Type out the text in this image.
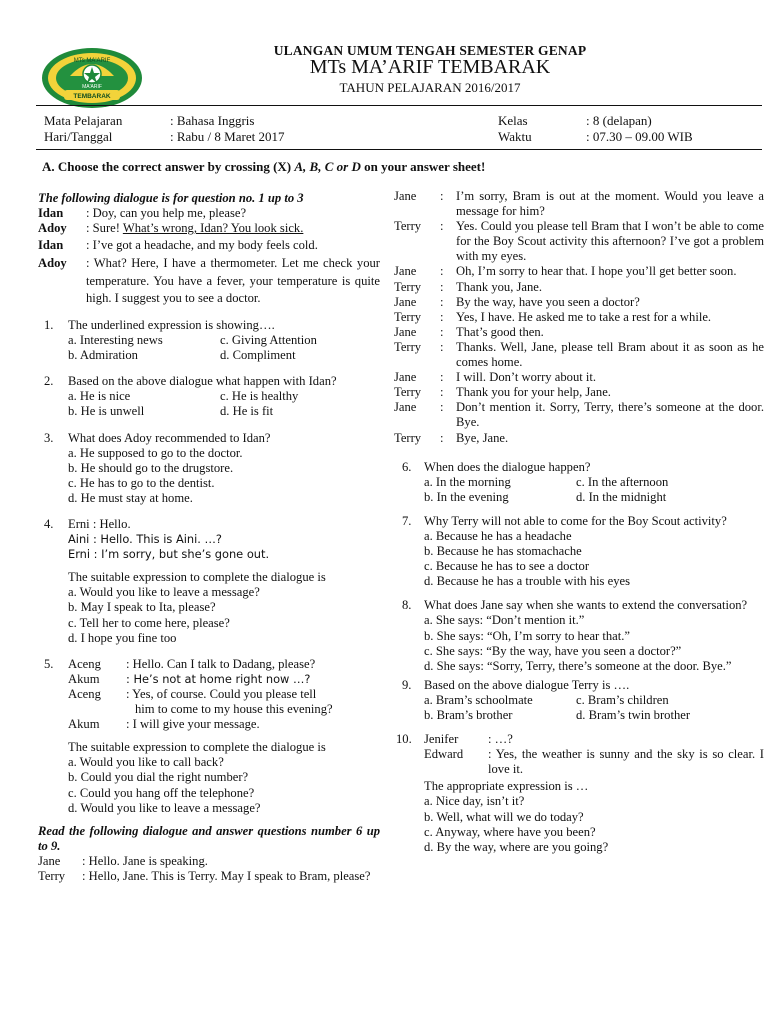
MTs MA'ARIF
MA'ARIF
TEMBARAK
ULANGAN UMUM TENGAH SEMESTER GENAP
MTs MA’ARIF TEMBARAK
TAHUN PELAJARAN 2016/2017
Mata Pelajaran	: Bahasa Inggris
Hari/Tanggal	: Rabu / 8 Maret 2017
Kelas	: 8 (delapan)
Waktu	: 07.30 – 09.00 WIB
A. Choose the correct answer by crossing (X) A, B, C or D on your answer sheet!
The following dialogue is for question no. 1 up to 3
Idan	: Doy, can you help me, please?
Adoy	: Sure! What’s wrong, Idan? You look sick.
Idan	: I’ve got a headache, and my body feels cold.
Adoy	: What? Here, I have a thermometer. Let me check your temperature. You have a fever, your temperature is quite high. I suggest you to see a doctor.
1.	The underlined expression is showing….
a. Interesting news	c. Giving Attention
b. Admiration	d. Compliment
2.	Based on the above dialogue what happen with Idan?
a. He is nice	c. He is healthy
b. He is unwell	d. He is fit
3.	What does Adoy recommended to Idan?
a. He supposed to go to the doctor.
b. He should go to the drugstore.
c. He has to go to the dentist.
d. He must stay at home.
4.	Erni : Hello.
Aini : Hello. This is Aini. …?
Erni : I’m sorry, but she’s gone out.
The suitable expression to complete the dialogue is
a. Would you like to leave a message?
b. May I speak to Ita, please?
c. Tell her to come here, please?
d. I hope you fine too
5.	Aceng	: Hello. Can I talk to Dadang, please?
Akum	: He’s not at home right now …?
Aceng	: Yes, of course. Could you please tell
him to come to my house this evening?
Akum	: I will give your message.
The suitable expression to complete the dialogue is
a. Would you like to call back?
b. Could you dial the right number?
c. Could you hang off the telephone?
d. Would you like to leave a message?
Read the following dialogue and answer questions number 6 up to 9.
Jane	: Hello. Jane is speaking.
Terry	: Hello, Jane. This is Terry. May I speak to Bram, please?
Jane	: I’m sorry, Bram is out at the moment. Would you leave a message for him?
Terry	: Yes. Could you please tell Bram that I won’t be able to come for the Boy Scout activity this afternoon? I’ve got a problem with my eyes.
Jane	: Oh, I’m sorry to hear that. I hope you’ll get better soon.
Terry	: Thank you, Jane.
Jane	: By the way, have you seen a doctor?
Terry	: Yes, I have. He asked me to take a rest for a while.
Jane	: That’s good then.
Terry	: Thanks. Well, Jane, please tell Bram about it as soon as he comes home.
Jane	: I will. Don’t worry about it.
Terry	: Thank you for your help, Jane.
Jane	: Don’t mention it. Sorry, Terry, there’s someone at the door. Bye.
Terry	: Bye, Jane.
6. When does the dialogue happen?
a. In the morning	c. In the afternoon
b. In the evening	d. In the midnight
7. Why Terry will not able to come for the Boy Scout activity?
a. Because he has a headache
b. Because he has stomachache
c. Because he has to see a doctor
d. Because he has a trouble with his eyes
8. What does Jane say when she wants to extend the conversation?
a. She says: “Don’t mention it.”
b. She says: “Oh, I’m sorry to hear that.”
c. She says: “By the way, have you seen a doctor?”
d. She says: “Sorry, Terry, there’s someone at the door. Bye.”
9. Based on the above dialogue Terry is ….
a. Bram’s schoolmate	c. Bram’s children
b. Bram’s brother	d. Bram’s twin brother
10. Jenifer	: …?
Edward	: Yes, the weather is sunny and the sky is so clear. I love it.
The appropriate expression is …
a. Nice day, isn’t it?
b. Well, what will we do today?
c. Anyway, where have you been?
d. By the way, where are you going?
